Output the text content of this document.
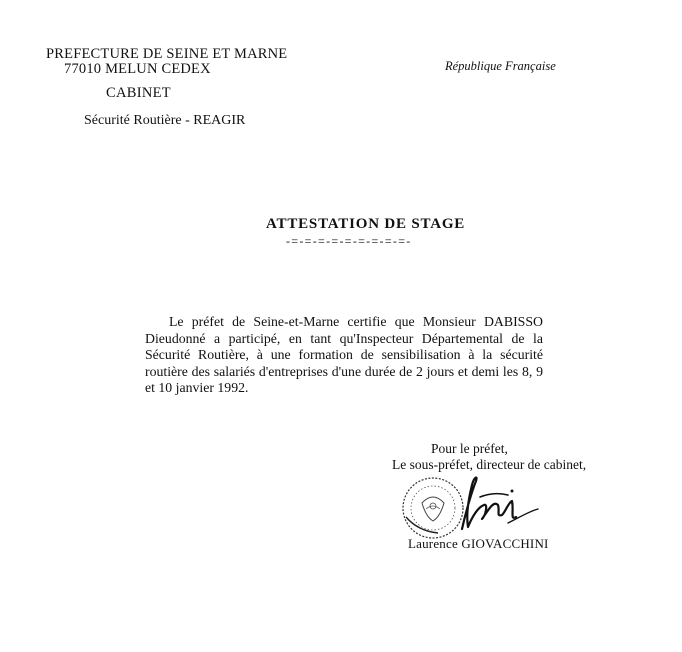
PREFECTURE DE SEINE ET MARNE
77010 MELUN CEDEX
CABINET
Sécurité Routière - REAGIR
République Française
ATTESTATION DE STAGE
-=-=-=-=-=-=-=-=-=-

Le préfet de Seine-et-Marne certifie que Monsieur DABISSO Dieudonné a participé, en tant qu'Inspecteur Départemental de la Sécurité Routière, à une formation de sensibilisation à la sécurité routière des salariés d'entreprises d'une durée de 2 jours et demi les 8, 9 et 10 janvier 1992.

Pour le préfet,
Le sous-préfet, directeur de cabinet,
Laurence GIOVACCHINI
